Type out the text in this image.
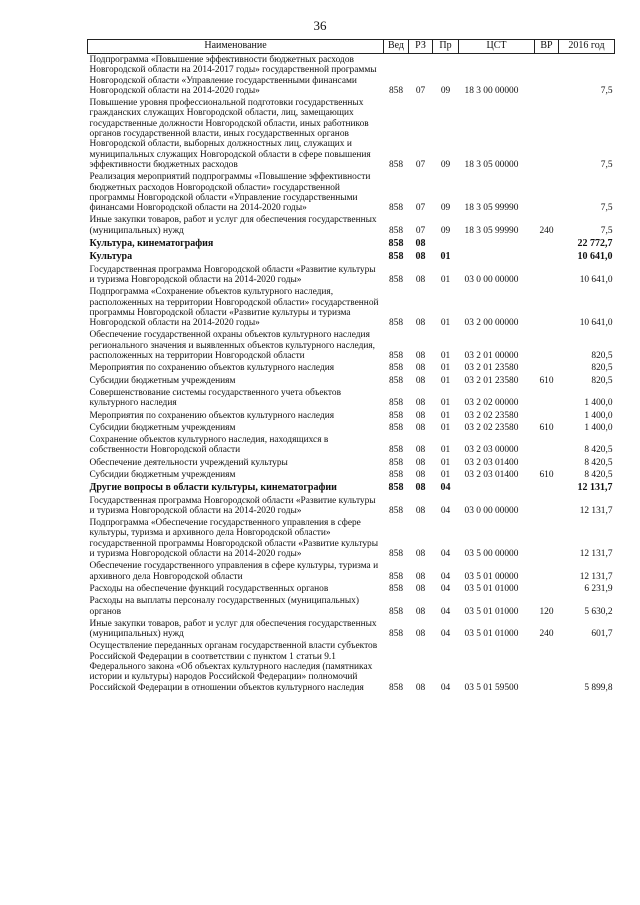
36
Наименование	Вед	РЗ	Пр	ЦСТ	ВР	2016 год
Подпрограмма «Повышение эффективности бюджетных расходов Новгородской области на 2014-2017 годы» государственной программы Новгородской области «Управление государственными финансами Новгородской области на 2014-2020 годы»	858	07	09	18 3 00 00000		7,5
Повышение уровня профессиональной подготовки государственных гражданских служащих Новгородской области, лиц, замещающих государственные должности Новгородской области, иных работников органов государственной власти, иных государственных органов Новгородской области, выборных должностных лиц, служащих и муниципальных служащих Новгородской области в сфере повышения эффективности бюджетных расходов	858	07	09	18 3 05 00000		7,5
Реализация мероприятий подпрограммы «Повышение эффективности бюджетных расходов Новгородской области» государственной программы Новгородской области «Управление государственными финансами Новгородской области на 2014-2020 годы»	858	07	09	18 3 05 99990		7,5
Иные закупки товаров, работ и услуг для обеспечения государственных (муниципальных) нужд	858	07	09	18 3 05 99990	240	7,5
Культура, кинематография	858	08				22 772,7
Культура	858	08	01			10 641,0
Государственная программа Новгородской области «Развитие культуры и туризма Новгородской области на 2014-2020 годы»	858	08	01	03 0 00 00000		10 641,0
Подпрограмма «Сохранение объектов культурного наследия, расположенных на территории Новгородской области» государственной программы Новгородской области «Развитие культуры и туризма Новгородской области на 2014-2020 годы»	858	08	01	03 2 00 00000		10 641,0
Обеспечение государственной охраны объектов культурного наследия регионального значения и выявленных объектов культурного наследия, расположенных на территории Новгородской области	858	08	01	03 2 01 00000		820,5
Мероприятия по сохранению объектов культурного наследия	858	08	01	03 2 01 23580		820,5
Субсидии бюджетным учреждениям	858	08	01	03 2 01 23580	610	820,5
Совершенствование системы государственного учета объектов культурного наследия	858	08	01	03 2 02 00000		1 400,0
Мероприятия по сохранению объектов культурного наследия	858	08	01	03 2 02 23580		1 400,0
Субсидии бюджетным учреждениям	858	08	01	03 2 02 23580	610	1 400,0
Сохранение объектов культурного наследия, находящихся в собственности Новгородской области	858	08	01	03 2 03 00000		8 420,5
Обеспечение деятельности учреждений культуры	858	08	01	03 2 03 01400		8 420,5
Субсидии бюджетным учреждениям	858	08	01	03 2 03 01400	610	8 420,5
Другие вопросы в области культуры, кинематографии	858	08	04			12 131,7
Государственная программа Новгородской области «Развитие культуры и туризма Новгородской области на 2014-2020 годы»	858	08	04	03 0 00 00000		12 131,7
Подпрограмма «Обеспечение государственного управления в сфере культуры, туризма и архивного дела Новгородской области» государственной программы Новгородской области «Развитие культуры и туризма Новгородской области на 2014-2020 годы»	858	08	04	03 5 00 00000		12 131,7
Обеспечение государственного управления в сфере культуры, туризма и архивного дела Новгородской области	858	08	04	03 5 01 00000		12 131,7
Расходы на обеспечение функций государственных органов	858	08	04	03 5 01 01000		6 231,9
Расходы на выплаты персоналу государственных (муниципальных) органов	858	08	04	03 5 01 01000	120	5 630,2
Иные закупки товаров, работ и услуг для обеспечения государственных (муниципальных) нужд	858	08	04	03 5 01 01000	240	601,7
Осуществление переданных органам государственной власти субъектов Российской Федерации в соответствии с пунктом 1 статьи 9.1 Федерального закона «Об объектах культурного наследия (памятниках истории и культуры) народов Российской Федерации» полномочий Российской Федерации в отношении объектов культурного наследия	858	08	04	03 5 01 59500		5 899,8
